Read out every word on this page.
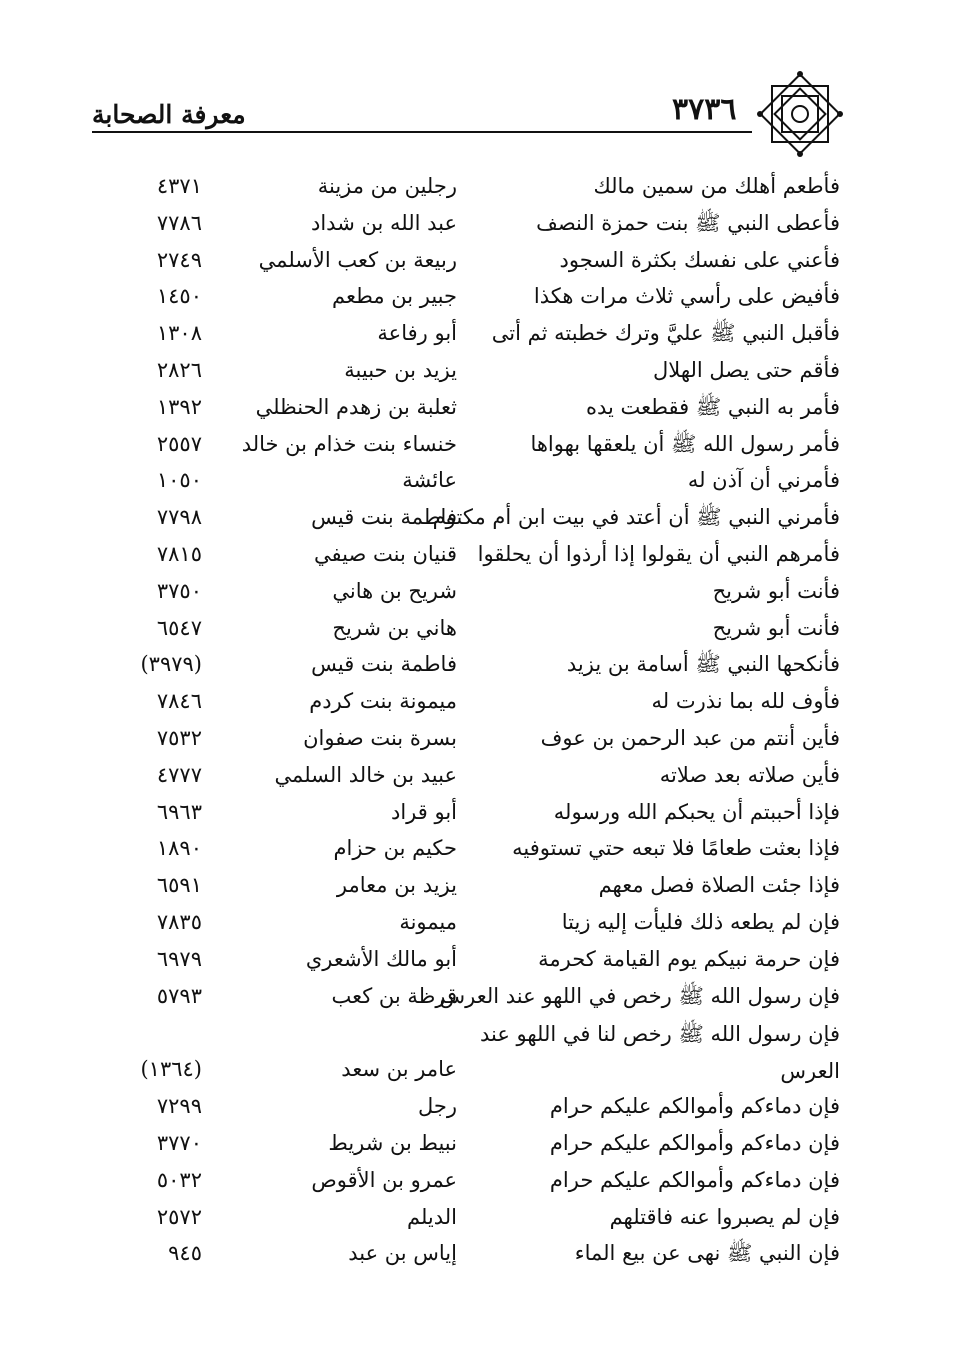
معرفة الصحابة	٣٧٣٦
فأطعم أهلك من سمين مالك
رجلين من مزينة
٤٣٧١
فأعطى النبي ﷺ بنت حمزة النصف
عبد الله بن شداد
٧٧٨٦
فأعني على نفسك بكثرة السجود
ربيعة بن كعب الأسلمي
٢٧٤٩
فأفيض على رأسي ثلاث مرات هكذا
جبير بن مطعم
١٤٥٠
فأقبل النبي ﷺ عليَّ وترك خطبته ثم أتى
أبو رفاعة
١٣٠٨
فأقم حتى يصل الهلال
يزيد بن حبيبة
٢٨٢٦
فأمر به النبي ﷺ فقطعت يده
ثعلبة بن زهدم الحنظلي
١٣٩٢
فأمر رسول الله ﷺ أن يلعقها بهواها
خنساء بنت خذام بن خالد
٢٥٥٧
فأمرني أن آذن له
عائشة
١٠٥٠
فأمرني النبي ﷺ أن أعتد في بيت ابن أم مكتوم
فاطمة بنت قيس
٧٧٩٨
فأمرهم النبي أن يقولوا إذا أرذوا أن يحلقوا
قنيان بنت صيفي
٧٨١٥
فأنت أبو شريح
شريح بن هاني
٣٧٥٠
فأنت أبو شريح
هاني بن شريح
٦٥٤٧
فأنكحها النبي ﷺ أسامة بن يزيد
فاطمة بنت قيس
(٣٩٧٩)
فأوف لله بما نذرت له
ميمونة بنت كردم
٧٨٤٦
فأين أنتم من عبد الرحمن بن عوف
بسرة بنت صفوان
٧٥٣٢
فأين صلاته بعد صلاته
عبيد بن خالد السلمي
٤٧٧٧
فإذا أحببتم أن يحبكم الله ورسوله
أبو قراد
٦٩٦٣
فإذا بعثت طعامًا فلا تبعه حتي تستوفيه
حكيم بن حزام
١٨٩٠
فإذا جئت الصلاة فصل معهم
يزيد بن معامر
٦٥٩١
فإن لم يطعه ذلك فليأت إليه زيتا
ميمونة
٧٨٣٥
فإن حرمة نبيكم يوم القيامة كحرمة
أبو مالك الأشعري
٦٩٧٩
فإن رسول الله ﷺ رخص في اللهو عند العرس
قرظة بن كعب
٥٧٩٣
فإن رسول الله ﷺ رخص لنا في اللهو عند
العرس
عامر بن سعد
(١٣٦٤)
فإن دماءكم وأموالكم عليكم حرام
رجل
٧٢٩٩
فإن دماءكم وأموالكم عليكم حرام
نبيط بن شريط
٣٧٧٠
فإن دماءكم وأموالكم عليكم حرام
عمرو بن الأقوص
٥٠٣٢
فإن لم يصبروا عنه فاقتلهم
الديلم
٢٥٧٢
فإن النبي ﷺ نهى عن بيع الماء
إياس بن عبد
٩٤٥
